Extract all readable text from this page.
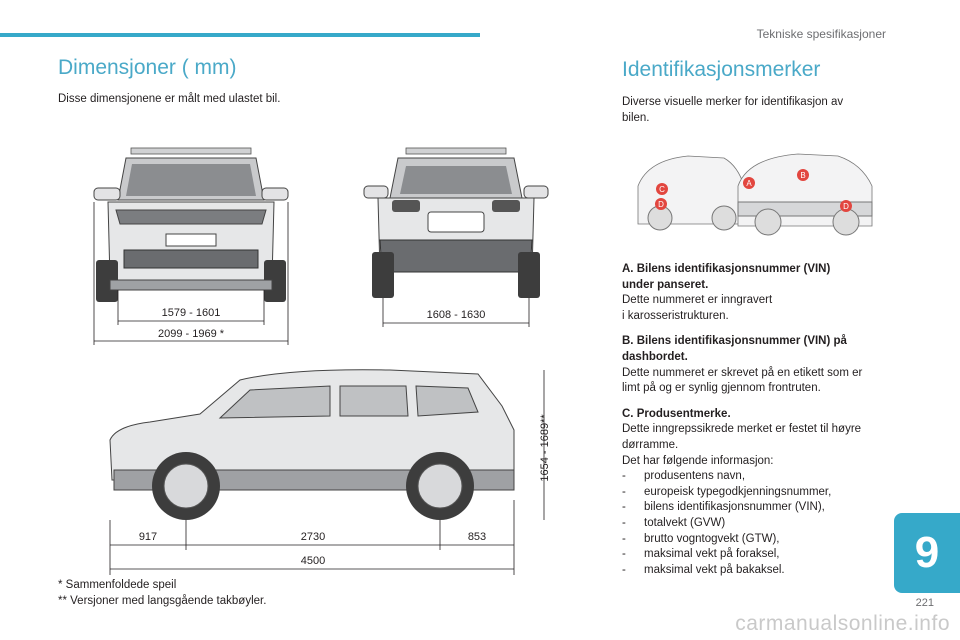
Tekniske spesifikasjoner
Dimensjoner ( mm)
Disse dimensjonene er målt med ulastet bil.
1579 - 1601
2099 - 1969 *
1608 - 1630
1654 - 1689**
917	2730	853
4500
* Sammenfoldede speil
** Versjoner med langsgående takbøyler.
Identifikasjonsmerker
Diverse visuelle merker for identifikasjon av
bilen.
A
B
C
D	D
A. Bilens identifikasjonsnummer (VIN)
under panseret.
Dette nummeret er inngravert
i karosseristrukturen.
B. Bilens identifikasjonsnummer (VIN) på
dashbordet.
Dette nummeret er skrevet på en etikett som er
limt på og er synlig gjennom frontruten.
C. Produsentmerke.
Dette inngrepssikrede merket er festet til høyre
dørramme.
Det har følgende informasjon:
- produsentens navn,
- europeisk typegodkjenningsnummer,
- bilens identifikasjonsnummer (VIN),
- totalvekt (GVW)
- brutto vogntogvekt (GTW),
- maksimal vekt på foraksel,
- maksimal vekt på bakaksel.	9
221
carmanualsonline.info
